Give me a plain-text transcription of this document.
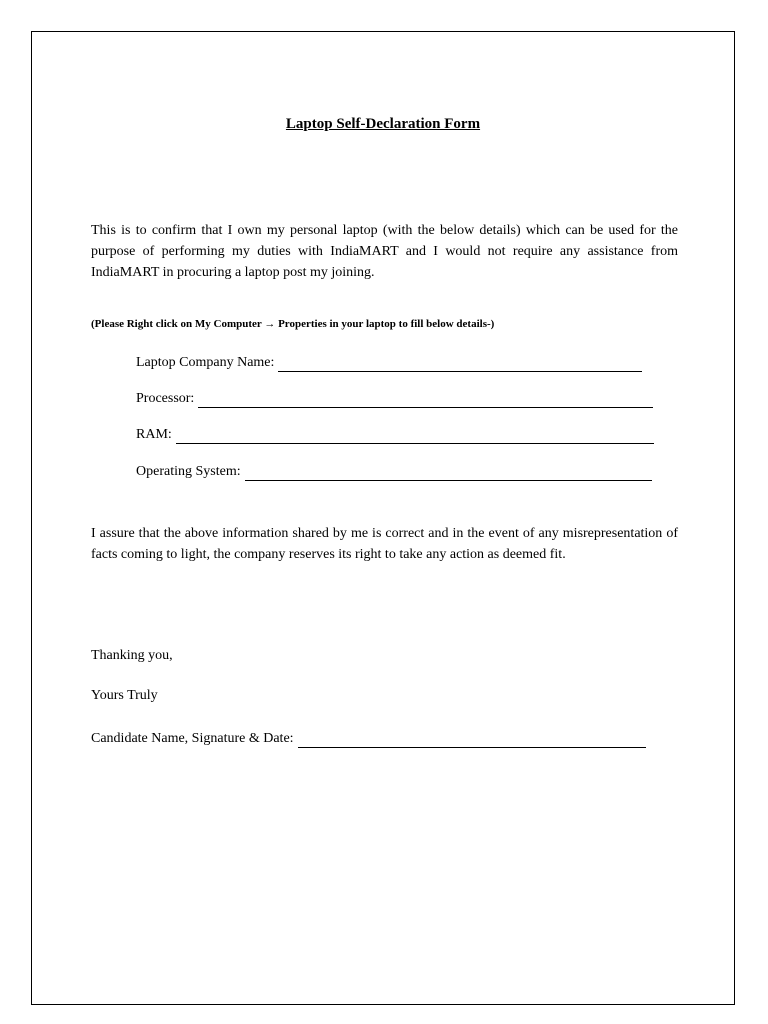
Laptop Self-Declaration Form

This is to confirm that I own my personal laptop (with the below details) which can be used for the purpose of performing my duties with IndiaMART and I would not require any assistance from IndiaMART in procuring a laptop post my joining.

(Please Right click on My Computer → Properties in your laptop to fill below details-)

Laptop Company Name:
Processor:
RAM:
Operating System:

I assure that the above information shared by me is correct and in the event of any misrepresentation of facts coming to light, the company reserves its right to take any action as deemed fit.

Thanking you,

Yours Truly

Candidate Name, Signature & Date:
